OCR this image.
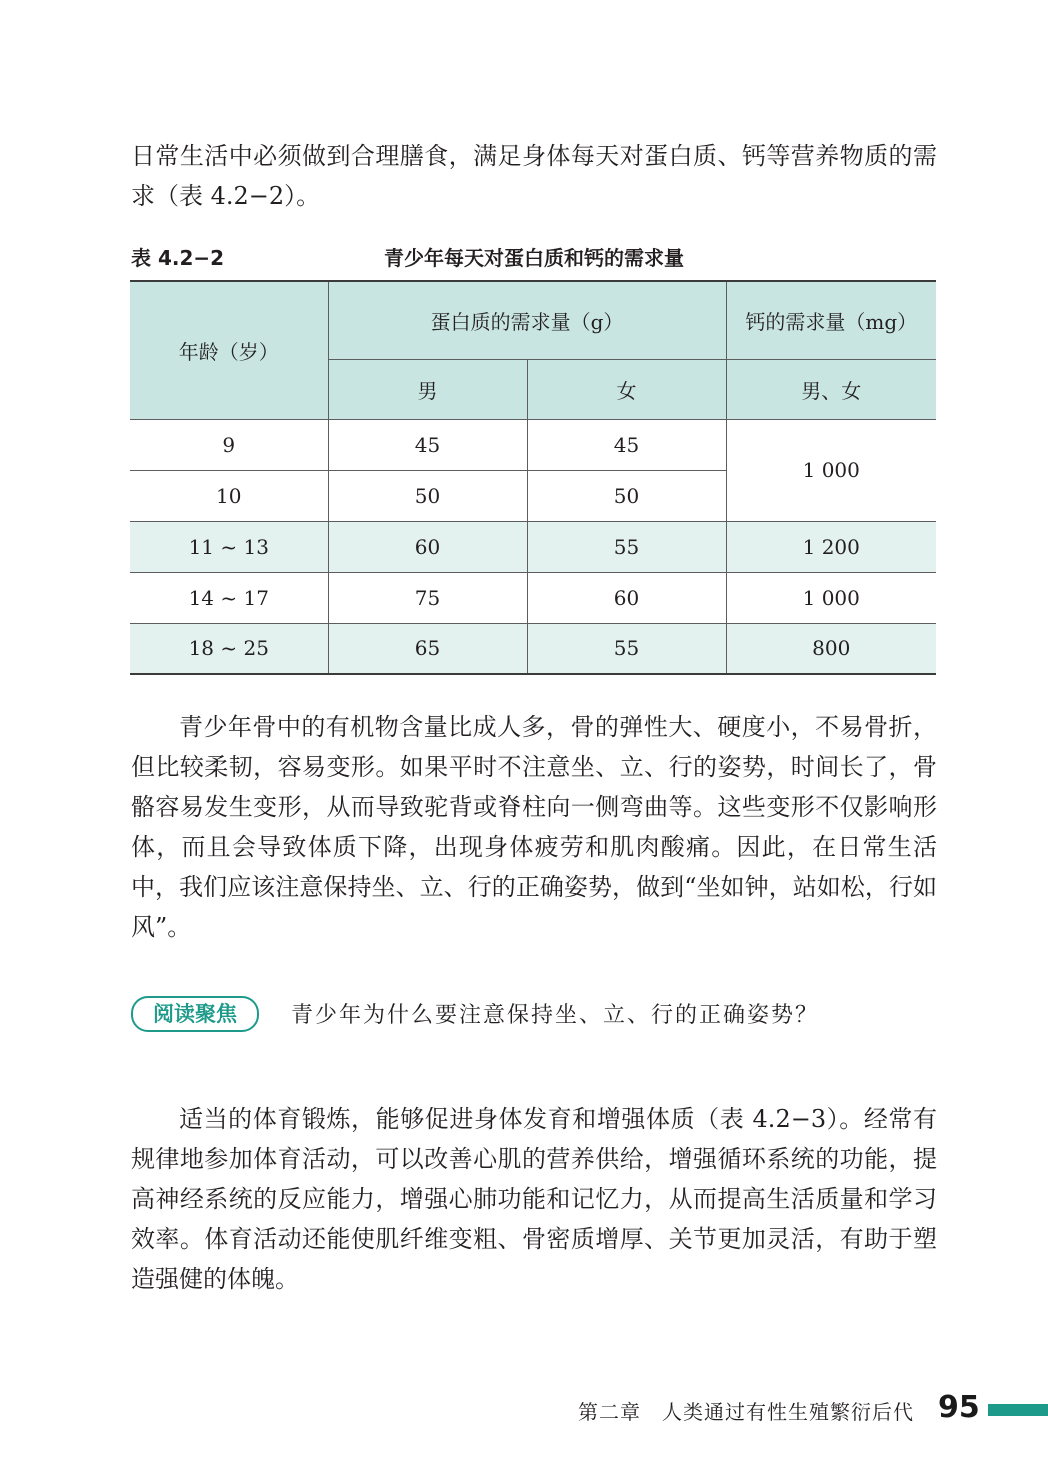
日常生活中必须做到合理膳食，满足身体每天对蛋白质、钙等营养物质的需求（表 4.2−2）。

表 4.2−2	青少年每天对蛋白质和钙的需求量
年龄（岁）	蛋白质的需求量（g）		钙的需求量（mg）
	男	女	男、女
9	45	45	1 000
10	50	50	
11 ~ 13	60	55	1 200
14 ~ 17	75	60	1 000
18 ~ 25	65	55	800

青少年骨中的有机物含量比成人多，骨的弹性大、硬度小，不易骨折，但比较柔韧，容易变形。如果平时不注意坐、立、行的姿势，时间长了，骨骼容易发生变形，从而导致驼背或脊柱向一侧弯曲等。这些变形不仅影响形体，而且会导致体质下降，出现身体疲劳和肌肉酸痛。因此，在日常生活中，我们应该注意保持坐、立、行的正确姿势，做到“坐如钟，站如松，行如风”。

阅读聚焦	青少年为什么要注意保持坐、立、行的正确姿势？

适当的体育锻炼，能够促进身体发育和增强体质（表 4.2−3）。经常有规律地参加体育活动，可以改善心肌的营养供给，增强循环系统的功能，提高神经系统的反应能力，增强心肺功能和记忆力，从而提高生活质量和学习效率。体育活动还能使肌纤维变粗、骨密质增厚、关节更加灵活，有助于塑造强健的体魄。

第二章　人类通过有性生殖繁衍后代 95
